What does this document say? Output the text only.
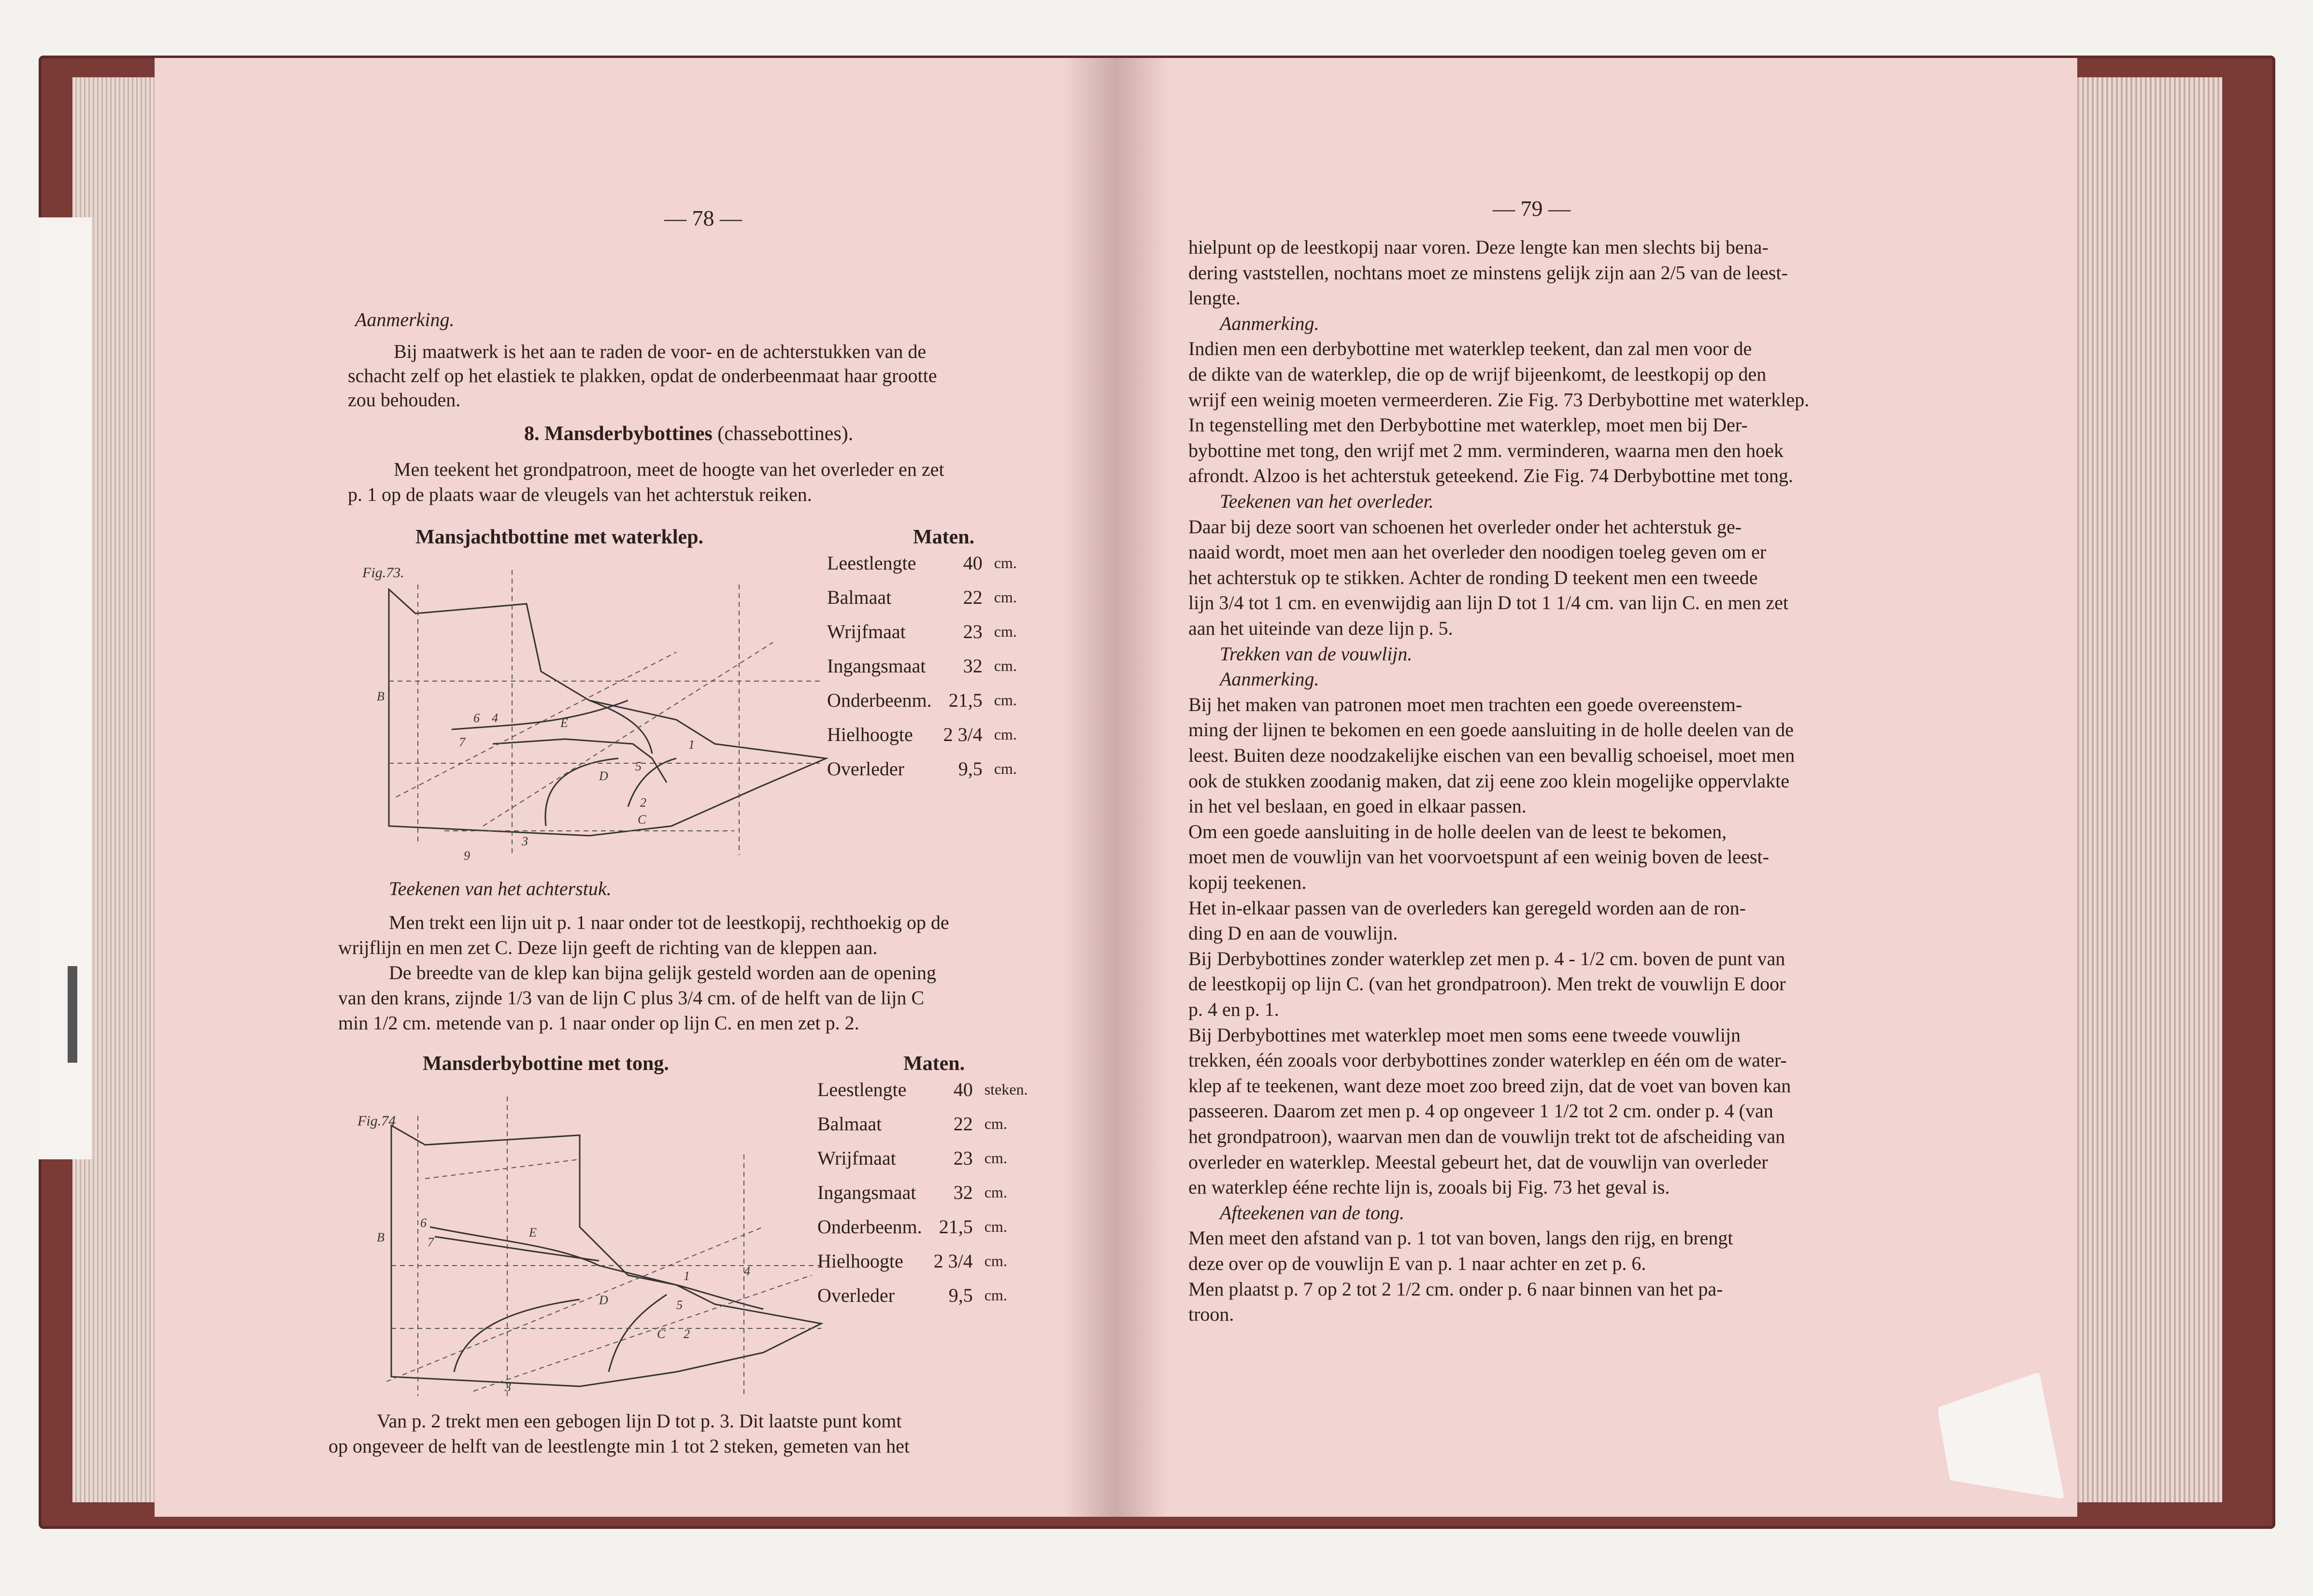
— 78 —
Aanmerking.
Bij maatwerk is het aan te raden de voor- en de achterstukken van de
schacht zelf op het elastiek te plakken, opdat de onderbeenmaat haar grootte
zou behouden.
8. Mansderbybottines (chassebottines).
Men teekent het grondpatroon, meet de hoogte van het overleder en zet
p. 1 op de plaats waar de vleugels van het achterstuk reiken.
Mansjachtbottine met waterklep.	Maten.
Fig.73.
B
6 4
7
E
1
5
2
D
C
3
9
Leestlengte	40	cm.
Balmaat	22	cm.
Wrijfmaat	23	cm.
Ingangsmaat	32	cm.
Onderbeenm.	21,5	cm.
Hielhoogte	2 3/4	cm.
Overleder	9,5	cm.
Teekenen van het achterstuk.
Men trekt een lijn uit p. 1 naar onder tot de leestkopij, rechthoekig op de
wrijflijn en men zet C. Deze lijn geeft de richting van de kleppen aan.
De breedte van de klep kan bijna gelijk gesteld worden aan de opening
van den krans, zijnde 1/3 van de lijn C plus 3/4 cm. of de helft van de lijn C
min 1/2 cm. metende van p. 1 naar onder op lijn C. en men zet p. 2.
Mansderbybottine met tong.	Maten.
Fig.74
B
6
7
E
1	4
5
2
D
C
3
Leestlengte	40	steken.
Balmaat	22	cm.
Wrijfmaat	23	cm.
Ingangsmaat	32	cm.
Onderbeenm.	21,5	cm.
Hielhoogte	2 3/4	cm.
Overleder	9,5	cm.
Van p. 2 trekt men een gebogen lijn D tot p. 3. Dit laatste punt komt
op ongeveer de helft van de leestlengte min 1 tot 2 steken, gemeten van het
— 79 —
hielpunt op de leestkopij naar voren. Deze lengte kan men slechts bij bena-
dering vaststellen, nochtans moet ze minstens gelijk zijn aan 2/5 van de leest-
lengte.
Aanmerking.
Indien men een derbybottine met waterklep teekent, dan zal men voor de
de dikte van de waterklep, die op de wrijf bijeenkomt, de leestkopij op den
wrijf een weinig moeten vermeerderen. Zie Fig. 73 Derbybottine met waterklep.
In tegenstelling met den Derbybottine met waterklep, moet men bij Der-
bybottine met tong, den wrijf met 2 mm. verminderen, waarna men den hoek
afrondt. Alzoo is het achterstuk geteekend. Zie Fig. 74 Derbybottine met tong.
Teekenen van het overleder.
Daar bij deze soort van schoenen het overleder onder het achterstuk ge-
naaid wordt, moet men aan het overleder den noodigen toeleg geven om er
het achterstuk op te stikken. Achter de ronding D teekent men een tweede
lijn 3/4 tot 1 cm. en evenwijdig aan lijn D tot 1 1/4 cm. van lijn C. en men zet
aan het uiteinde van deze lijn p. 5.
Trekken van de vouwlijn.
Aanmerking.
Bij het maken van patronen moet men trachten een goede overeenstem-
ming der lijnen te bekomen en een goede aansluiting in de holle deelen van de
leest. Buiten deze noodzakelijke eischen van een bevallig schoeisel, moet men
ook de stukken zoodanig maken, dat zij eene zoo klein mogelijke oppervlakte
in het vel beslaan, en goed in elkaar passen.
Om een goede aansluiting in de holle deelen van de leest te bekomen,
moet men de vouwlijn van het voorvoetspunt af een weinig boven de leest-
kopij teekenen.
Het in-elkaar passen van de overleders kan geregeld worden aan de ron-
ding D en aan de vouwlijn.
Bij Derbybottines zonder waterklep zet men p. 4 - 1/2 cm. boven de punt van
de leestkopij op lijn C. (van het grondpatroon). Men trekt de vouwlijn E door
p. 4 en p. 1.
Bij Derbybottines met waterklep moet men soms eene tweede vouwlijn
trekken, één zooals voor derbybottines zonder waterklep en één om de water-
klep af te teekenen, want deze moet zoo breed zijn, dat de voet van boven kan
passeeren. Daarom zet men p. 4 op ongeveer 1 1/2 tot 2 cm. onder p. 4 (van
het grondpatroon), waarvan men dan de vouwlijn trekt tot de afscheiding van
overleder en waterklep. Meestal gebeurt het, dat de vouwlijn van overleder
en waterklep ééne rechte lijn is, zooals bij Fig. 73 het geval is.
Afteekenen van de tong.
Men meet den afstand van p. 1 tot van boven, langs den rijg, en brengt
deze over op de vouwlijn E van p. 1 naar achter en zet p. 6.
Men plaatst p. 7 op 2 tot 2 1/2 cm. onder p. 6 naar binnen van het pa-
troon.
